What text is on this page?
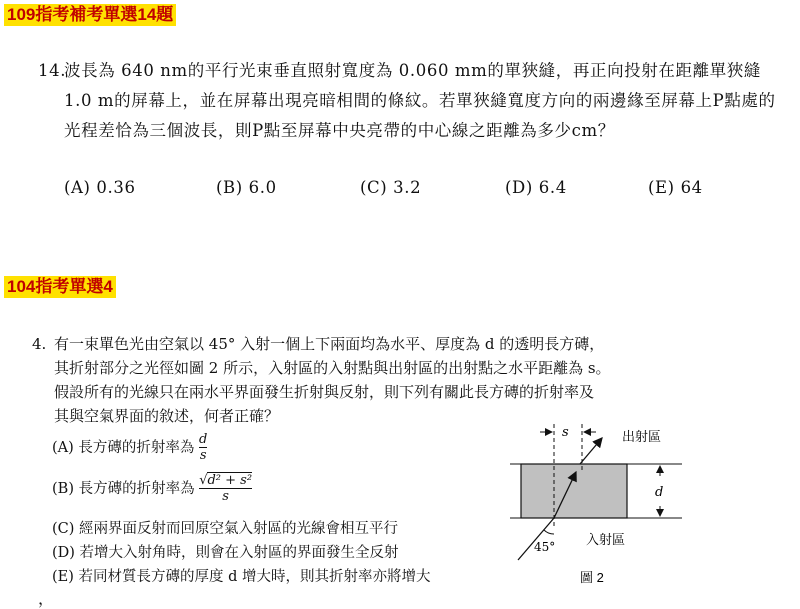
109指考補考單選14題
14.
波長為 640 nm的平行光束垂直照射寬度為 0.060 mm的單狹縫，再正向投射在距離單狹縫 1.0 m的屏幕上，並在屏幕出現亮暗相間的條紋。若單狹縫寬度方向的兩邊緣至屏幕上P點處的光程差恰為三個波長，則P點至屏幕中央亮帶的中心線之距離為多少cm？
(A) 0.36	(B) 6.0	(C) 3.2	(D) 6.4	(E) 64
104指考單選4
4. 有一束單色光由空氣以 45° 入射一個上下兩面均為水平、厚度為 d 的透明長方磚，
其折射部分之光徑如圖 2 所示，入射區的入射點與出射區的出射點之水平距離為 s。
假設所有的光線只在兩水平界面發生折射與反射，則下列有關此長方磚的折射率及
其與空氣界面的敘述，何者正確？
(A) 長方磚的折射率為 $\frac{d}{s}$
(B) 長方磚的折射率為 $\frac{\text{√d² + s²}}{s}$
(C) 經兩界面反射而回原空氣入射區的光線會相互平行
(D) 若增大入射角時，則會在入射區的界面發生全反射
(E) 若同材質長方磚的厚度 d 增大時，則其折射率亦將增大
，
s
d
出射區
入射區
45°
圖 2
